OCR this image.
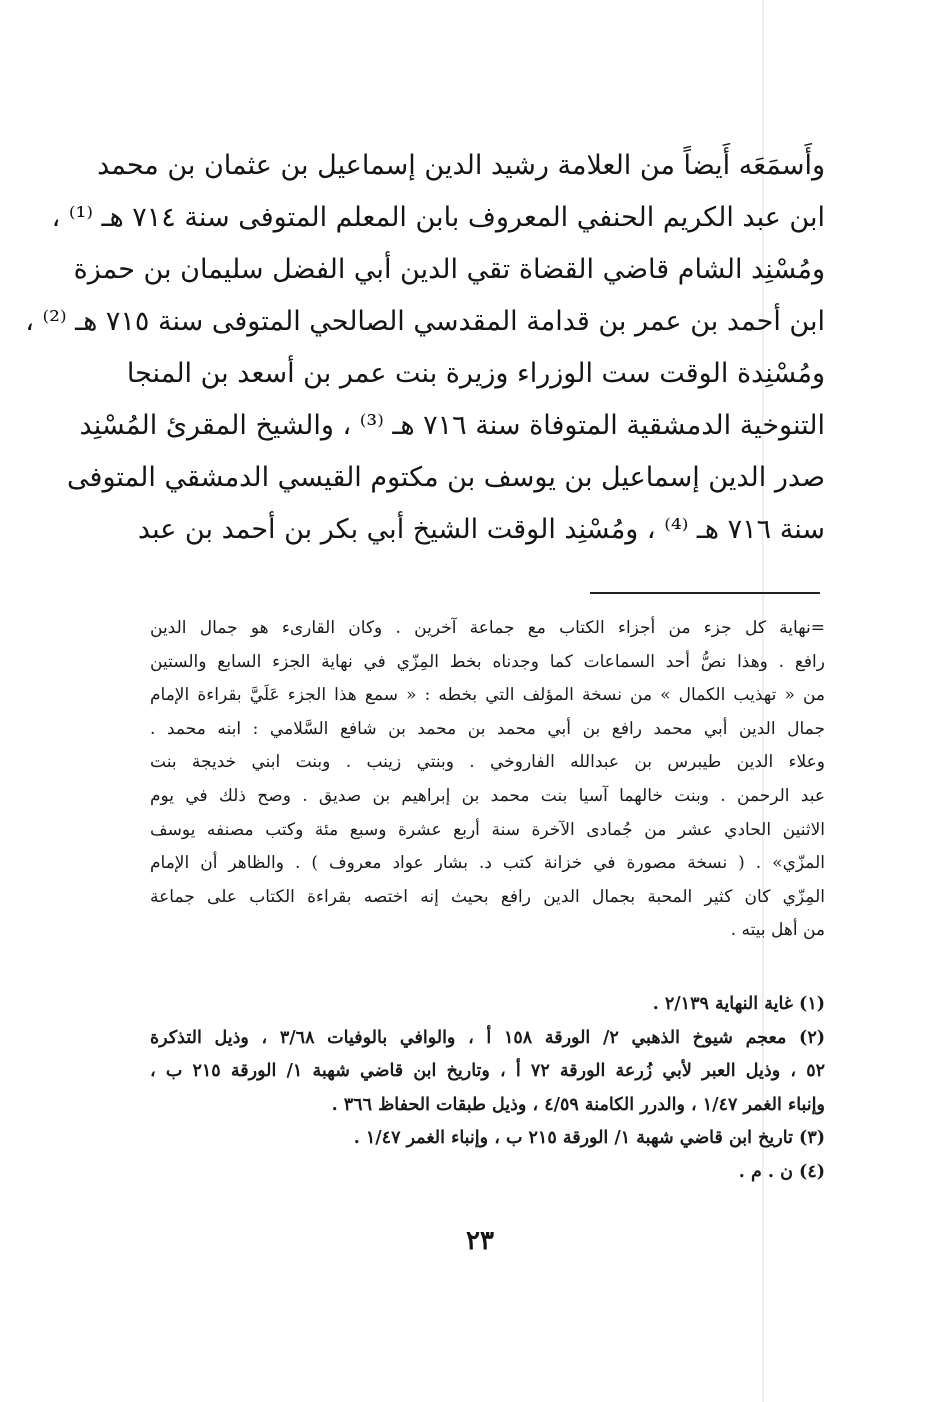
وأَسمَعَه أَيضاً من العلامة رشيد الدين إسماعيل بن عثمان بن محمد
ابن عبد الكريم الحنفي المعروف بابن المعلم المتوفى سنة ٧١٤ هـ ⁽¹⁾ ،
ومُسْنِد الشام قاضي القضاة تقي الدين أبي الفضل سليمان بن حمزة
ابن أحمد بن عمر بن قدامة المقدسي الصالحي المتوفى سنة ٧١٥ هـ ⁽²⁾ ،
ومُسْنِدة الوقت ست الوزراء وزيرة بنت عمر بن أسعد بن المنجا
التنوخية الدمشقية المتوفاة سنة ٧١٦ هـ ⁽³⁾ ، والشيخ المقرئ المُسْنِد
صدر الدين إسماعيل بن يوسف بن مكتوم القيسي الدمشقي المتوفى
سنة ٧١٦ هـ ⁽⁴⁾ ، ومُسْنِد الوقت الشيخ أبي بكر بن أحمد بن عبد
=نهاية كل جزء من أجزاء الكتاب مع جماعة آخرين . وكان القارىء هو جمال الدين
رافع . وهذا نصُّ أحد السماعات كما وجدناه بخط المِزّي في نهاية الجزء السابع والستين
من « تهذيب الكمال » من نسخة المؤلف التي بخطه : « سمع هذا الجزء عَلَيَّ بقراءة الإمام
جمال الدين أبي محمد رافع بن أبي محمد بن محمد بن شافع السَّلامي : ابنه محمد .
وعلاء الدين طيبرس بن عبدالله الفاروخي . وبنتي زينب . وبنت ابني خديجة بنت
عبد الرحمن . وبنت خالهما آسيا بنت محمد بن إبراهيم بن صديق . وصح ذلك في يوم
الاثنين الحادي عشر من جُمادى الآخرة سنة أربع عشرة وسبع مئة وكتب مصنفه يوسف
المزّي» . ( نسخة مصورة في خزانة كتب د. بشار عواد معروف ) . والظاهر أن الإمام
المِزّي كان كثير المحبة بجمال الدين رافع بحيث إنه اختصه بقراءة الكتاب على جماعة
من أهل بيته .
(١) غاية النهاية ٢/١٣٩ .
(٢) معجم شيوخ الذهبي ٢/ الورقة ١٥٨ أ ، والوافي بالوفيات ٣/٦٨ ، وذيل التذكرة
٥٢ ، وذيل العبر لأبي زُرعة الورقة ٧٢ أ ، وتاريخ ابن قاضي شهبة ١/ الورقة ٢١٥ ب ،
وإنباء الغمر ١/٤٧ ، والدرر الكامنة ٤/٥٩ ، وذيل طبقات الحفاظ ٣٦٦ .
(٣) تاريخ ابن قاضي شهبة ١/ الورقة ٢١٥ ب ، وإنباء الغمر ١/٤٧ .
(٤) ن . م .
٢٣
